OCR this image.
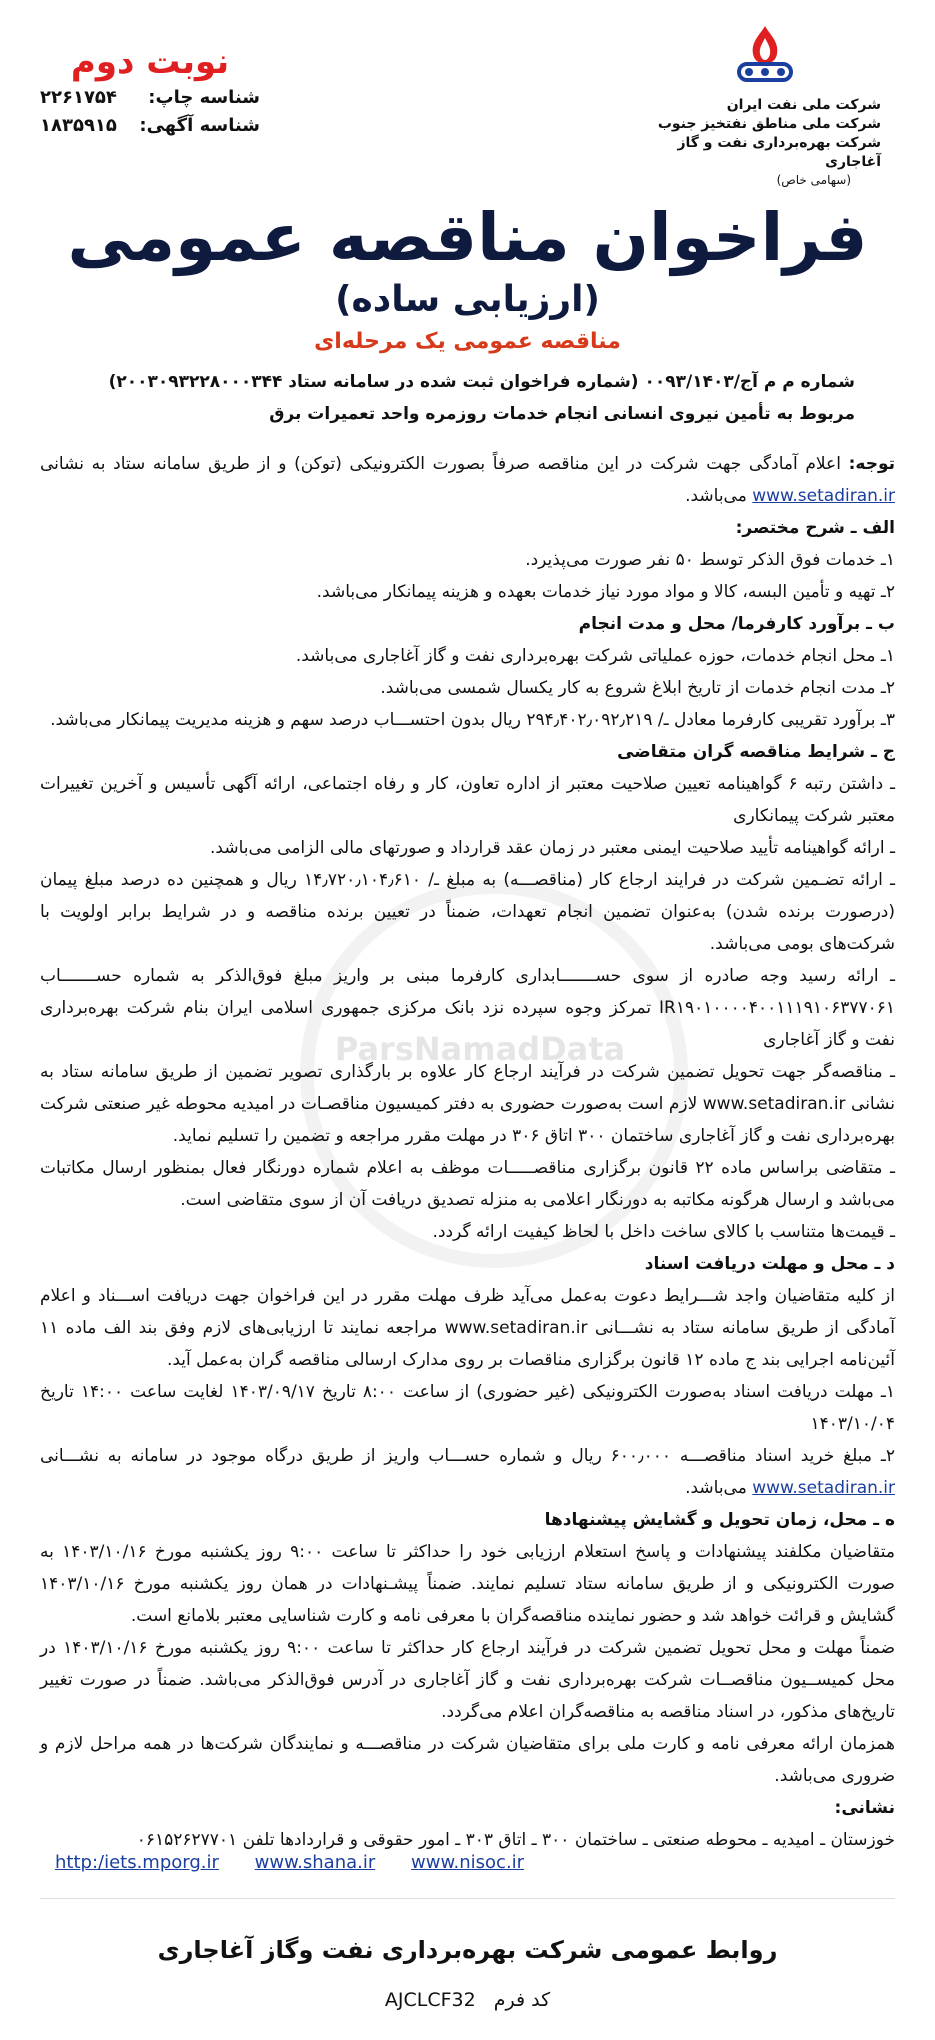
ParsNamadData
شرکت ملی نفت ایران
شرکت ملی مناطق نفتخیز جنوب
شرکت بهره‌برداری نفت و گاز آغاجاری
(سهامی خاص)
نوبت دوم
شناسه چاپ:
۲۲۶۱۷۵۴
شناسه آگهی:
۱۸۳۵۹۱۵
فراخوان مناقصه عمومی
(ارزیابی ساده)
مناقصه عمومی یک مرحله‌ای
شماره م م آج/۰۰۹۳/۱۴۰۳ (شماره فراخوان ثبت شده در سامانه ستاد ۲۰۰۳۰۹۳۲۲۸۰۰۰۳۴۴)
مربوط به تأمین نیروی انسانی انجام خدمات روزمره واحد تعمیرات برق

توجه: اعلام آمادگی جهت شرکت در این مناقصه صرفاً بصورت الکترونیکی (توکن) و از طریق سامانه ستاد به نشانی www.setadiran.ir می‌باشد.

الف ـ شرح مختصر:

۱ـ خدمات فوق الذکر توسط ۵۰ نفر صورت می‌پذیرد.

۲ـ تهیه و تأمین البسه، کالا و مواد مورد نیاز خدمات بعهده و هزینه پیمانکار می‌باشد.

ب ـ برآورد کارفرما/ محل و مدت انجام

۱ـ محل انجام خدمات، حوزه عملیاتی شرکت بهره‌برداری نفت و گاز آغاجاری می‌باشد.

۲ـ مدت انجام خدمات از تاریخ ابلاغ شروع به کار یکسال شمسی می‌باشد.

۳ـ برآورد تقریبی کارفرما معادل ـ/ ۲۹۴٫۴۰۲٫۰۹۲٫۲۱۹ ریال بدون احتســـاب درصد سهم و هزینه مدیریت پیمانکار می‌باشد.

ج ـ شرایط مناقصه گران متقاضی

ـ داشتن رتبه ۶ گواهینامه تعیین صلاحیت معتبر از اداره تعاون، کار و رفاه اجتماعی، ارائه آگهی تأسیس و آخرین تغییرات معتبر شرکت پیمانکاری

ـ ارائه گواهینامه تأیید صلاحیت ایمنی معتبر در زمان عقد قرارداد و صورتهای مالی الزامی می‌باشد.

ـ ارائه تضـمین شرکت در فرایند ارجاع کار (مناقصـــه) به مبلغ ـ/ ۱۴٫۷۲۰٫۱۰۴٫۶۱۰ ریال و همچنین ده درصد مبلغ پیمان (درصورت برنده شدن) به‌عنوان تضمین انجام تعهدات، ضمناً در تعیین برنده مناقصه و در شرایط برابر اولویت با شرکت‌های بومی می‌باشد.

ـ ارائه رسید وجه صادره از سوی حســـــــابداری کارفرما مبنی بر واریز مبلغ فوق‌الذکر به شماره حســـــــاب IR۱۹۰۱۰۰۰۰۴۰۰۱۱۱۹۱۰۶۳۷۷۰۶۱ تمرکز وجوه سپرده نزد بانک مرکزی جمهوری اسلامی ایران بنام شرکت بهره‌برداری نفت و گاز آغاجاری

ـ مناقصه‌گر جهت تحویل تضمین شرکت در فرآیند ارجاع کار علاوه بر بارگذاری تصویر تضمین از طریق سامانه ستاد به نشانی www.setadiran.ir لازم است به‌صورت حضوری به دفتر کمیسیون مناقصـات در امیدیه محوطه غیر صنعتی شرکت بهره‌برداری نفت و گاز آغاجاری ساختمان ۳۰۰ اتاق ۳۰۶ در مهلت مقرر مراجعه و تضمین را تسلیم نماید.

ـ متقاضی براساس ماده ۲۲ قانون برگزاری مناقصـــــات موظف به اعلام شماره دورنگار فعال بمنظور ارسال مکاتبات می‌باشد و ارسال هرگونه مکاتبه به دورنگار اعلامی به منزله تصدیق دریافت آن از سوی متقاضی است.

ـ قیمت‌ها متناسب با کالای ساخت داخل با لحاظ کیفیت ارائه گردد.

د ـ محل و مهلت دریافت اسناد

از کلیه متقاضیان واجد شـــرایط دعوت به‌عمل می‌آید ظرف مهلت مقرر در این فراخوان جهت دریافت اســـناد و اعلام آمادگی از طریق سامانه ستاد به نشـــانی www.setadiran.ir مراجعه نمایند تا ارزیابی‌های لازم وفق بند الف ماده ۱۱ آئین‌نامه اجرایی بند ج ماده ۱۲ قانون برگزاری مناقصات بر روی مدارک ارسالی مناقصه گران به‌عمل آید.

۱ـ مهلت دریافت اسناد به‌صورت الکترونیکی (غیر حضوری) از ساعت ۸:۰۰ تاریخ ۱۴۰۳/۰۹/۱۷ لغایت ساعت ۱۴:۰۰ تاریخ ۱۴۰۳/۱۰/۰۴

۲ـ مبلغ خرید اسناد مناقصـــه ۶۰۰٫۰۰۰ ریال و شماره حســـاب واریز از طریق درگاه موجود در سامانه به نشـــانی www.setadiran.ir می‌باشد.

ه ـ محل، زمان تحویل و گشایش پیشنهادها

متقاضیان مکلفند پیشنهادات و پاسخ استعلام ارزیابی خود را حداکثر تا ساعت ۹:۰۰ روز یکشنبه مورخ ۱۴۰۳/۱۰/۱۶ به صورت الکترونیکی و از طریق سامانه ستاد تسلیم نمایند. ضمناً پیشـنهادات در همان روز یکشنبه مورخ ۱۴۰۳/۱۰/۱۶ گشایش و قرائت خواهد شد و حضور نماینده مناقصه‌گران با معرفی نامه و کارت شناسایی معتبر بلامانع است.

ضمناً مهلت و محل تحویل تضمین شرکت در فرآیند ارجاع کار حداکثر تا ساعت ۹:۰۰ روز یکشنبه مورخ ۱۴۰۳/۱۰/۱۶ در محل کمیســیون مناقصــات شرکت بهره‌برداری نفت و گاز آغاجاری در آدرس فوق‌الذکر می‌باشد. ضمناً در صورت تغییر تاریخ‌های مذکور، در اسناد مناقصه به مناقصه‌گران اعلام می‌گردد.

همزمان ارائه معرفی نامه و کارت ملی برای متقاضیان شرکت در مناقصـــه و نمایندگان شرکت‌ها در همه مراحل لازم و ضروری می‌باشد.

نشانی:

خوزستان ـ امیدیه ـ محوطه صنعتی ـ ساختمان ۳۰۰ ـ اتاق ۳۰۳ ـ امور حقوقی و قراردادها تلفن ۰۶۱۵۲۶۲۷۷۰۱

http:/iets.mporg.ir www.shana.ir www.nisoc.ir
روابط عمومی شرکت بهره‌برداری نفت وگاز آغاجاری
کد فرم AJCLCF32
